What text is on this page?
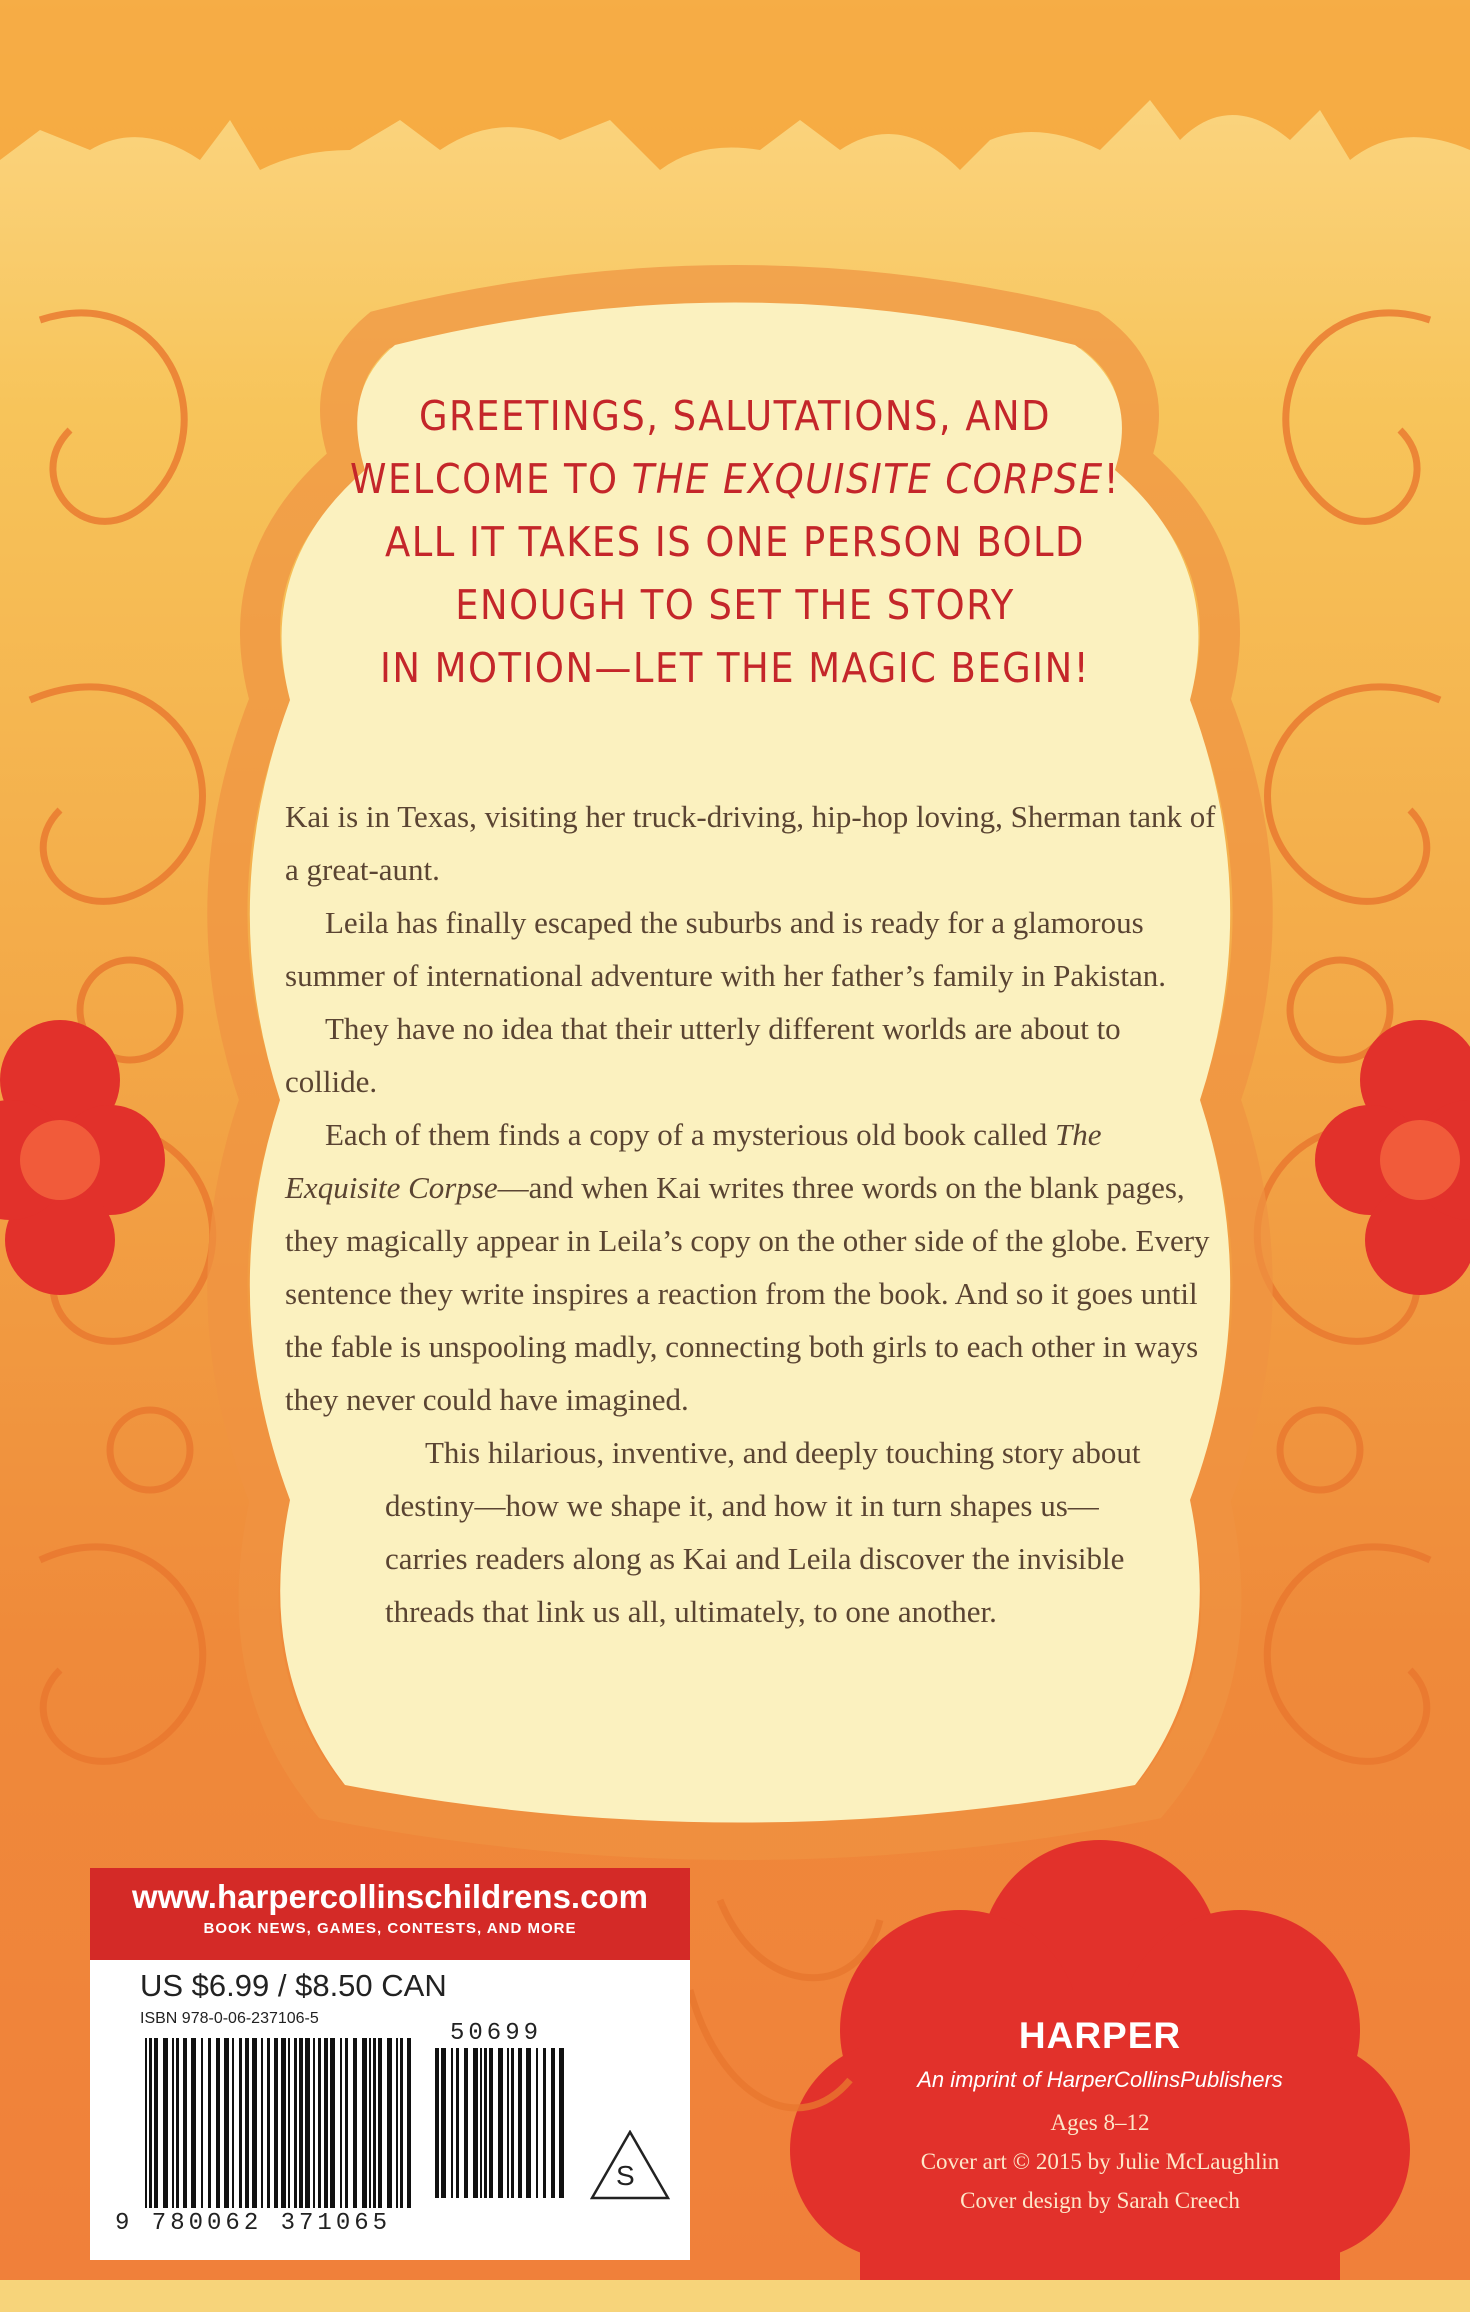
GREETINGS, SALUTATIONS, AND
WELCOME TO THE EXQUISITE CORPSE!
ALL IT TAKES IS ONE PERSON BOLD
ENOUGH TO SET THE STORY
IN MOTION—LET THE MAGIC BEGIN!

Kai is in Texas, visiting her truck-driving, hip-hop loving, Sherman tank of a great-aunt.

Leila has finally escaped the suburbs and is ready for a glamorous summer of international adventure with her father’s family in Pakistan.

They have no idea that their utterly different worlds are about to collide.

Each of them finds a copy of a mysterious old book called The Exquisite Corpse—and when Kai writes three words on the blank pages, they magically appear in Leila’s copy on the other side of the globe. Every sentence they write inspires a reaction from the book. And so it goes until the fable is unspooling madly, connecting both girls to each other in ways they never could have imagined.

This hilarious, inventive, and deeply touching story about destiny—how we shape it, and how it in turn shapes us—carries readers along as Kai and Leila discover the invisible threads that link us all, ultimately, to one another.

www.harpercollinschildrens.com
BOOK NEWS, GAMES, CONTESTS, AND MORE
US $6.99 / $8.50 CAN
ISBN 978-0-06-237106-5
50699
S
9 780062 371065
HARPER
An imprint of HarperCollinsPublishers
Ages 8–12
Cover art © 2015 by Julie McLaughlin
Cover design by Sarah Creech
